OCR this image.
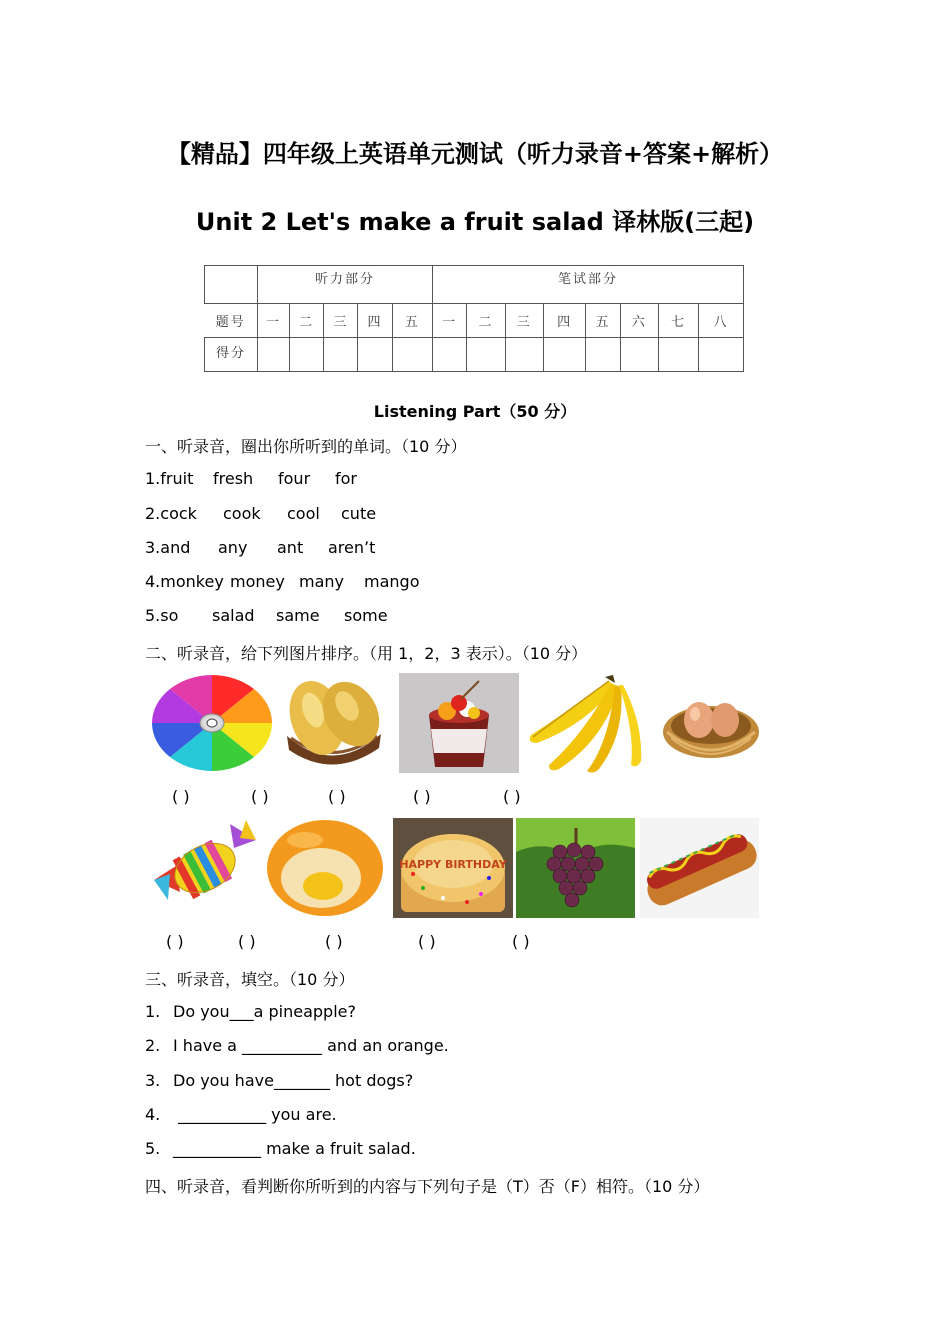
【精品】四年级上英语单元测试（听力录音+答案+解析）
Unit 2 Let's make a fruit salad 译林版(三起)
	听力部分					笔试部分							
题号	一	二	三	四	五	一	二	三	四	五	六	七	八
得分													
Listening Part（50 分）
一、听录音，圈出你所听到的单词。（10 分）
1.fruit fresh four for
2.cock cook cool cute
3.and any ant aren’t
4.monkey money many mango
5.so salad same some
二、听录音，给下列图片排序。（用 1，2，3 表示）。（10 分）
( )	( )	( )	( )	( )
HAPPY BIRTHDAY
( )	( )	( )	( )	( )
三、听录音，填空。（10 分）
1. Do you___a pineapple?
2. I have a __________ and an orange.
3. Do you have_______ hot dogs?
4. ___________ you are.
5. ___________ make a fruit salad.
四、听录音，看判断你所听到的内容与下列句子是（T）否（F）相符。（10 分）
